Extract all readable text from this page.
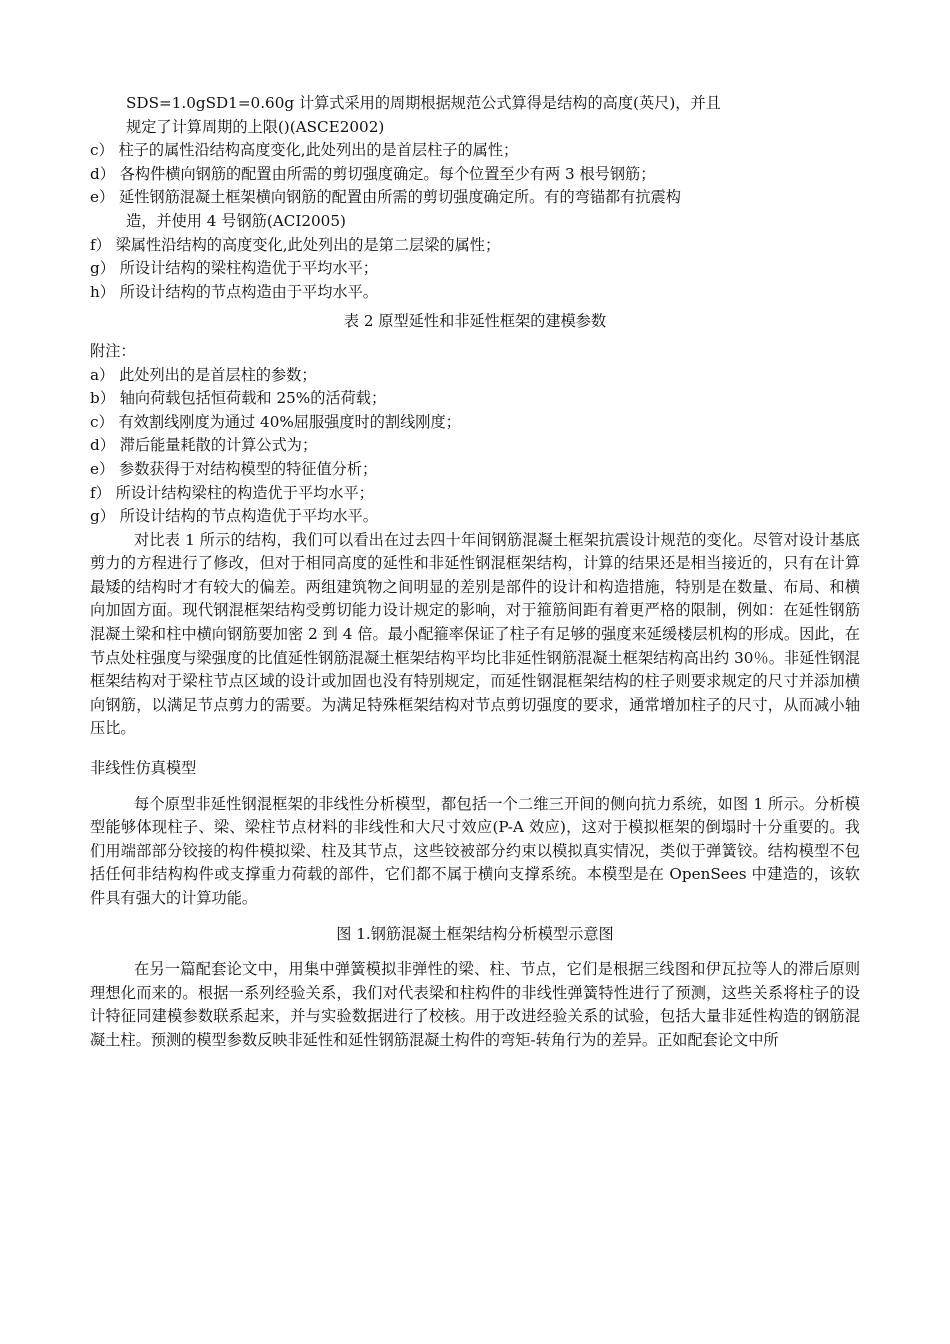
SDS=1.0gSD1=0.60g 计算式采用的周期根据规范公式算得是结构的高度(英尺)，并且
规定了计算周期的上限()(ASCE2002)
c） 柱子的属性沿结构高度变化,此处列出的是首层柱子的属性；
d） 各构件横向钢筋的配置由所需的剪切强度确定。每个位置至少有两 3 根号钢筋；
e） 延性钢筋混凝土框架横向钢筋的配置由所需的剪切强度确定所。有的弯锚都有抗震构
造，并使用 4 号钢筋(ACI2005)
f） 梁属性沿结构的高度变化,此处列出的是第二层梁的属性；
g） 所设计结构的梁柱构造优于平均水平；
h） 所设计结构的节点构造由于平均水平。
表 2 原型延性和非延性框架的建模参数
附注：
a） 此处列出的是首层柱的参数；
b） 轴向荷载包括恒荷载和 25%的活荷载；
c） 有效割线刚度为通过 40%屈服强度时的割线刚度；
d） 滞后能量耗散的计算公式为；
e） 参数获得于对结构模型的特征值分析；
f） 所设计结构梁柱的构造优于平均水平；
g） 所设计结构的节点构造优于平均水平。
对比表 1 所示的结构，我们可以看出在过去四十年间钢筋混凝土框架抗震设计规范的变化。尽管对设计基底剪力的方程进行了修改，但对于相同高度的延性和非延性钢混框架结构，计算的结果还是相当接近的，只有在计算最矮的结构时才有较大的偏差。两组建筑物之间明显的差别是部件的设计和构造措施，特别是在数量、布局、和横向加固方面。现代钢混框架结构受剪切能力设计规定的影响，对于箍筋间距有着更严格的限制，例如：在延性钢筋混凝土梁和柱中横向钢筋要加密 2 到 4 倍。最小配箍率保证了柱子有足够的强度来延缓楼层机构的形成。因此，在节点处柱强度与梁强度的比值延性钢筋混凝土框架结构平均比非延性钢筋混凝土框架结构高出约 30％。非延性钢混框架结构对于梁柱节点区域的设计或加固也没有特别规定，而延性钢混框架结构的柱子则要求规定的尺寸并添加横向钢筋，以满足节点剪力的需要。为满足特殊框架结构对节点剪切强度的要求，通常增加柱子的尺寸，从而减小轴压比。
非线性仿真模型
每个原型非延性钢混框架的非线性分析模型，都包括一个二维三开间的侧向抗力系统，如图 1 所示。分析模型能够体现柱子、梁、梁柱节点材料的非线性和大尺寸效应(P-A 效应)，这对于模拟框架的倒塌时十分重要的。我们用端部部分铰接的构件模拟梁、柱及其节点，这些铰被部分约束以模拟真实情况，类似于弹簧铰。结构模型不包括任何非结构构件或支撑重力荷载的部件，它们都不属于横向支撑系统。本模型是在 OpenSees 中建造的，该软件具有强大的计算功能。
图 1.钢筋混凝土框架结构分析模型示意图
在另一篇配套论文中，用集中弹簧模拟非弹性的梁、柱、节点，它们是根据三线图和伊瓦拉等人的滞后原则理想化而来的。根据一系列经验关系，我们对代表梁和柱构件的非线性弹簧特性进行了预测，这些关系将柱子的设计特征同建模参数联系起来，并与实验数据进行了校核。用于改进经验关系的试验，包括大量非延性构造的钢筋混凝土柱。预测的模型参数反映非延性和延性钢筋混凝土构件的弯矩-转角行为的差异。正如配套论文中所
